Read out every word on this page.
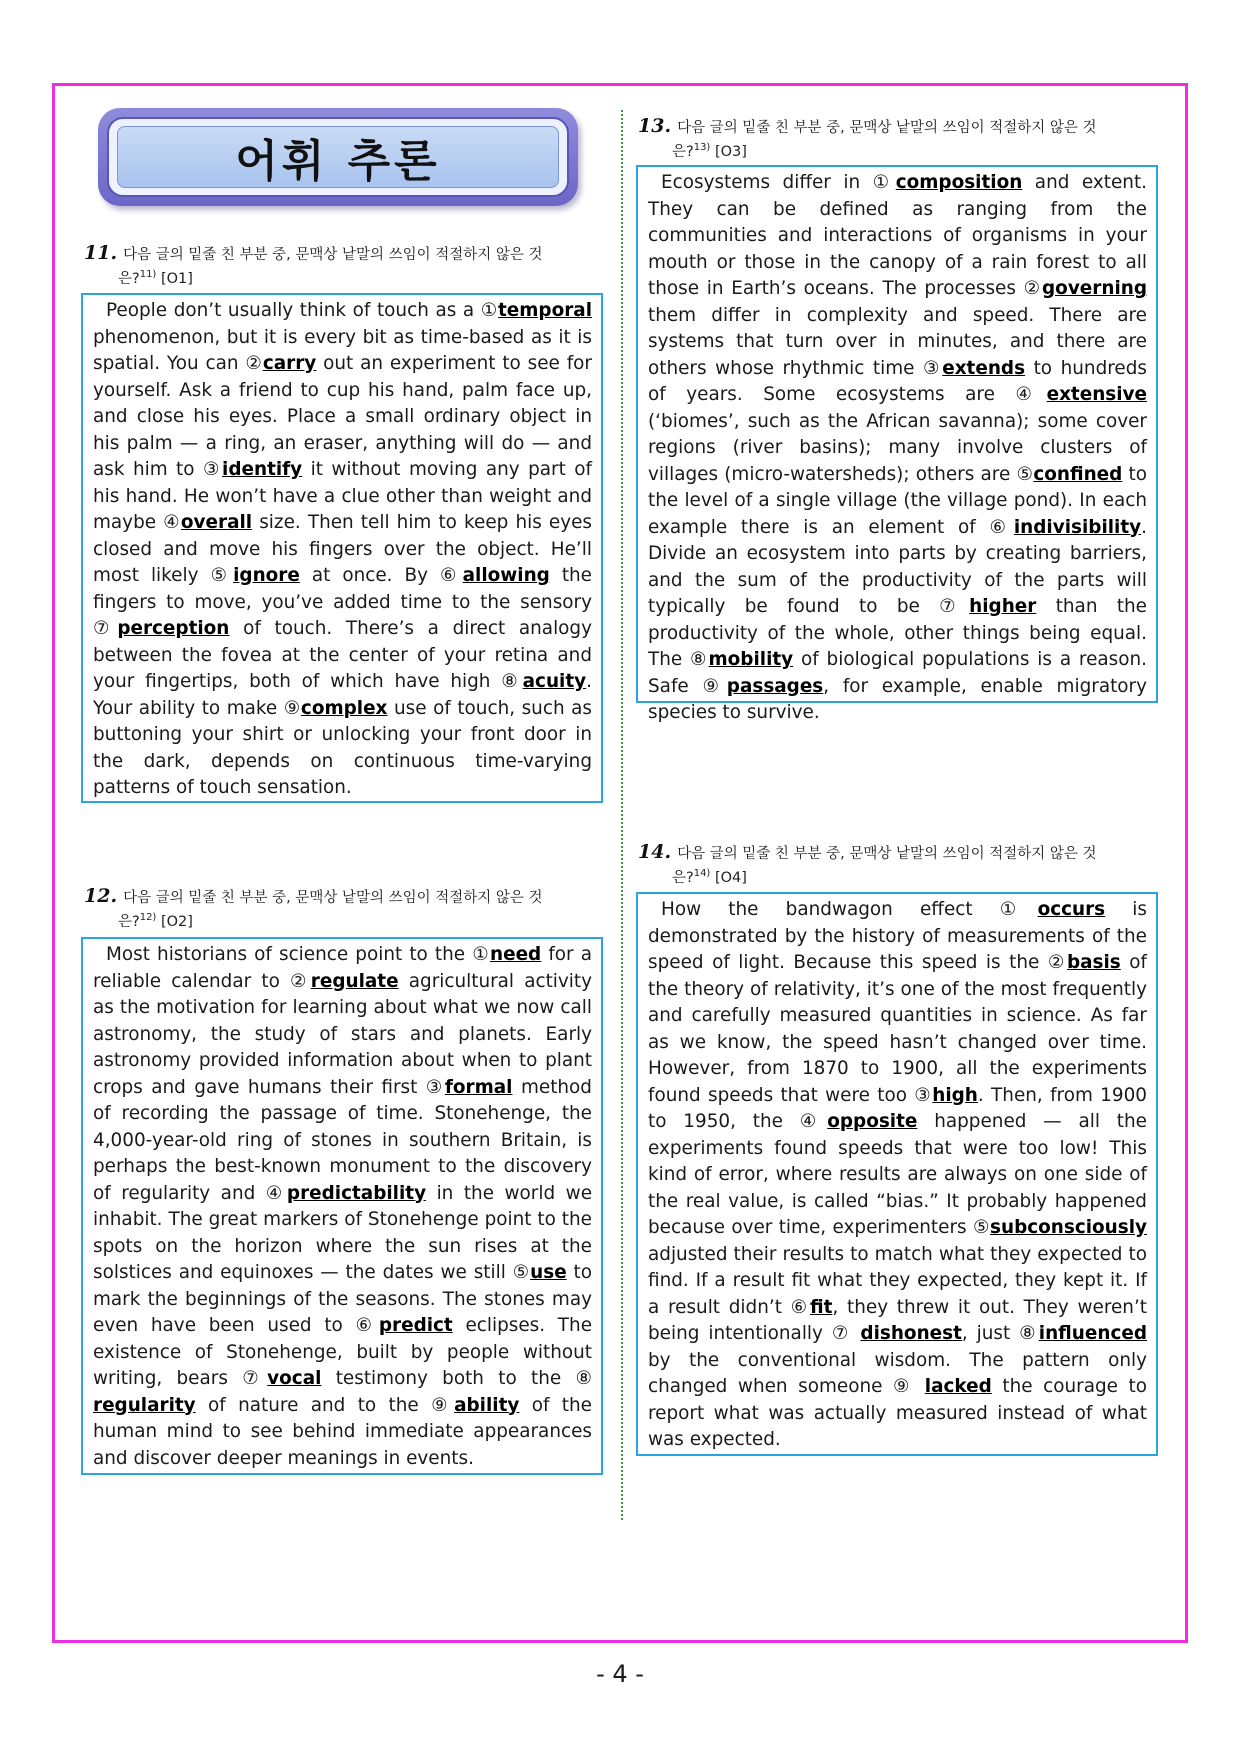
어휘 추론
11. 다음 글의 밑줄 친 부분 중, 문맥상 낱말의 쓰임이 적절하지 않은 것
은?$^{11)}$ [O1]

People don’t usually think of touch as a ①temporal phenomenon, but it is every bit as time-based as it is spatial. You can ②carry out an experiment to see for yourself. Ask a friend to cup his hand, palm face up, and close his eyes. Place a small ordinary object in his palm — a ring, an eraser, anything will do — and ask him to ③identify it without moving any part of his hand. He won’t have a clue other than weight and maybe ④overall size. Then tell him to keep his eyes closed and move his fingers over the object. He’ll most likely ⑤ignore at once. By ⑥allowing the fingers to move, you’ve added time to the sensory ⑦perception of touch. There’s a direct analogy between the fovea at the center of your retina and your fingertips, both of which have high ⑧acuity. Your ability to make ⑨complex use of touch, such as buttoning your shirt or unlocking your front door in the dark, depends on continuous time-varying patterns of touch sensation.

12. 다음 글의 밑줄 친 부분 중, 문맥상 낱말의 쓰임이 적절하지 않은 것
은?$^{12)}$ [O2]

Most historians of science point to the ①need for a reliable calendar to ②regulate agricultural activity as the motivation for learning about what we now call astronomy, the study of stars and planets. Early astronomy provided information about when to plant crops and gave humans their first ③formal method of recording the passage of time. Stonehenge, the 4,000-year-old ring of stones in southern Britain, is perhaps the best-known monument to the discovery of regularity and ④predictability in the world we inhabit. The great markers of Stonehenge point to the spots on the horizon where the sun rises at the solstices and equinoxes — the dates we still ⑤use to mark the beginnings of the seasons. The stones may even have been used to ⑥predict eclipses. The existence of Stonehenge, built by people without writing, bears ⑦vocal testimony both to the ⑧ regularity of nature and to the ⑨ability of the human mind to see behind immediate appearances and discover deeper meanings in events.

13. 다음 글의 밑줄 친 부분 중, 문맥상 낱말의 쓰임이 적절하지 않은 것
은?$^{13)}$ [O3]

Ecosystems differ in ①composition and extent. They can be defined as ranging from the communities and interactions of organisms in your mouth or those in the canopy of a rain forest to all those in Earth’s oceans. The processes ②governing them differ in complexity and speed. There are systems that turn over in minutes, and there are others whose rhythmic time ③extends to hundreds of years. Some ecosystems are ④extensive (‘biomes’, such as the African savanna); some cover regions (river basins); many involve clusters of villages (micro-watersheds); others are ⑤confined to the level of a single village (the village pond). In each example there is an element of ⑥indivisibility. Divide an ecosystem into parts by creating barriers, and the sum of the productivity of the parts will typically be found to be ⑦higher than the productivity of the whole, other things being equal. The ⑧mobility of biological populations is a reason. Safe ⑨passages, for example, enable migratory species to survive.

14. 다음 글의 밑줄 친 부분 중, 문맥상 낱말의 쓰임이 적절하지 않은 것
은?$^{14)}$ [O4]

How the bandwagon effect ①occurs is demonstrated by the history of measurements of the speed of light. Because this speed is the ②basis of the theory of relativity, it’s one of the most frequently and carefully measured quantities in science. As far as we know, the speed hasn’t changed over time. However, from 1870 to 1900, all the experiments found speeds that were too ③high. Then, from 1900 to 1950, the ④opposite happened — all the experiments found speeds that were too low! This kind of error, where results are always on one side of the real value, is called “bias.” It probably happened because over time, experimenters ⑤subconsciously adjusted their results to match what they expected to find. If a result fit what they expected, they kept it. If a result didn’t ⑥fit, they threw it out. They weren’t being intentionally ⑦ dishonest, just ⑧influenced by the conventional wisdom. The pattern only changed when someone ⑨ lacked the courage to report what was actually measured instead of what was expected.

- 4 -
